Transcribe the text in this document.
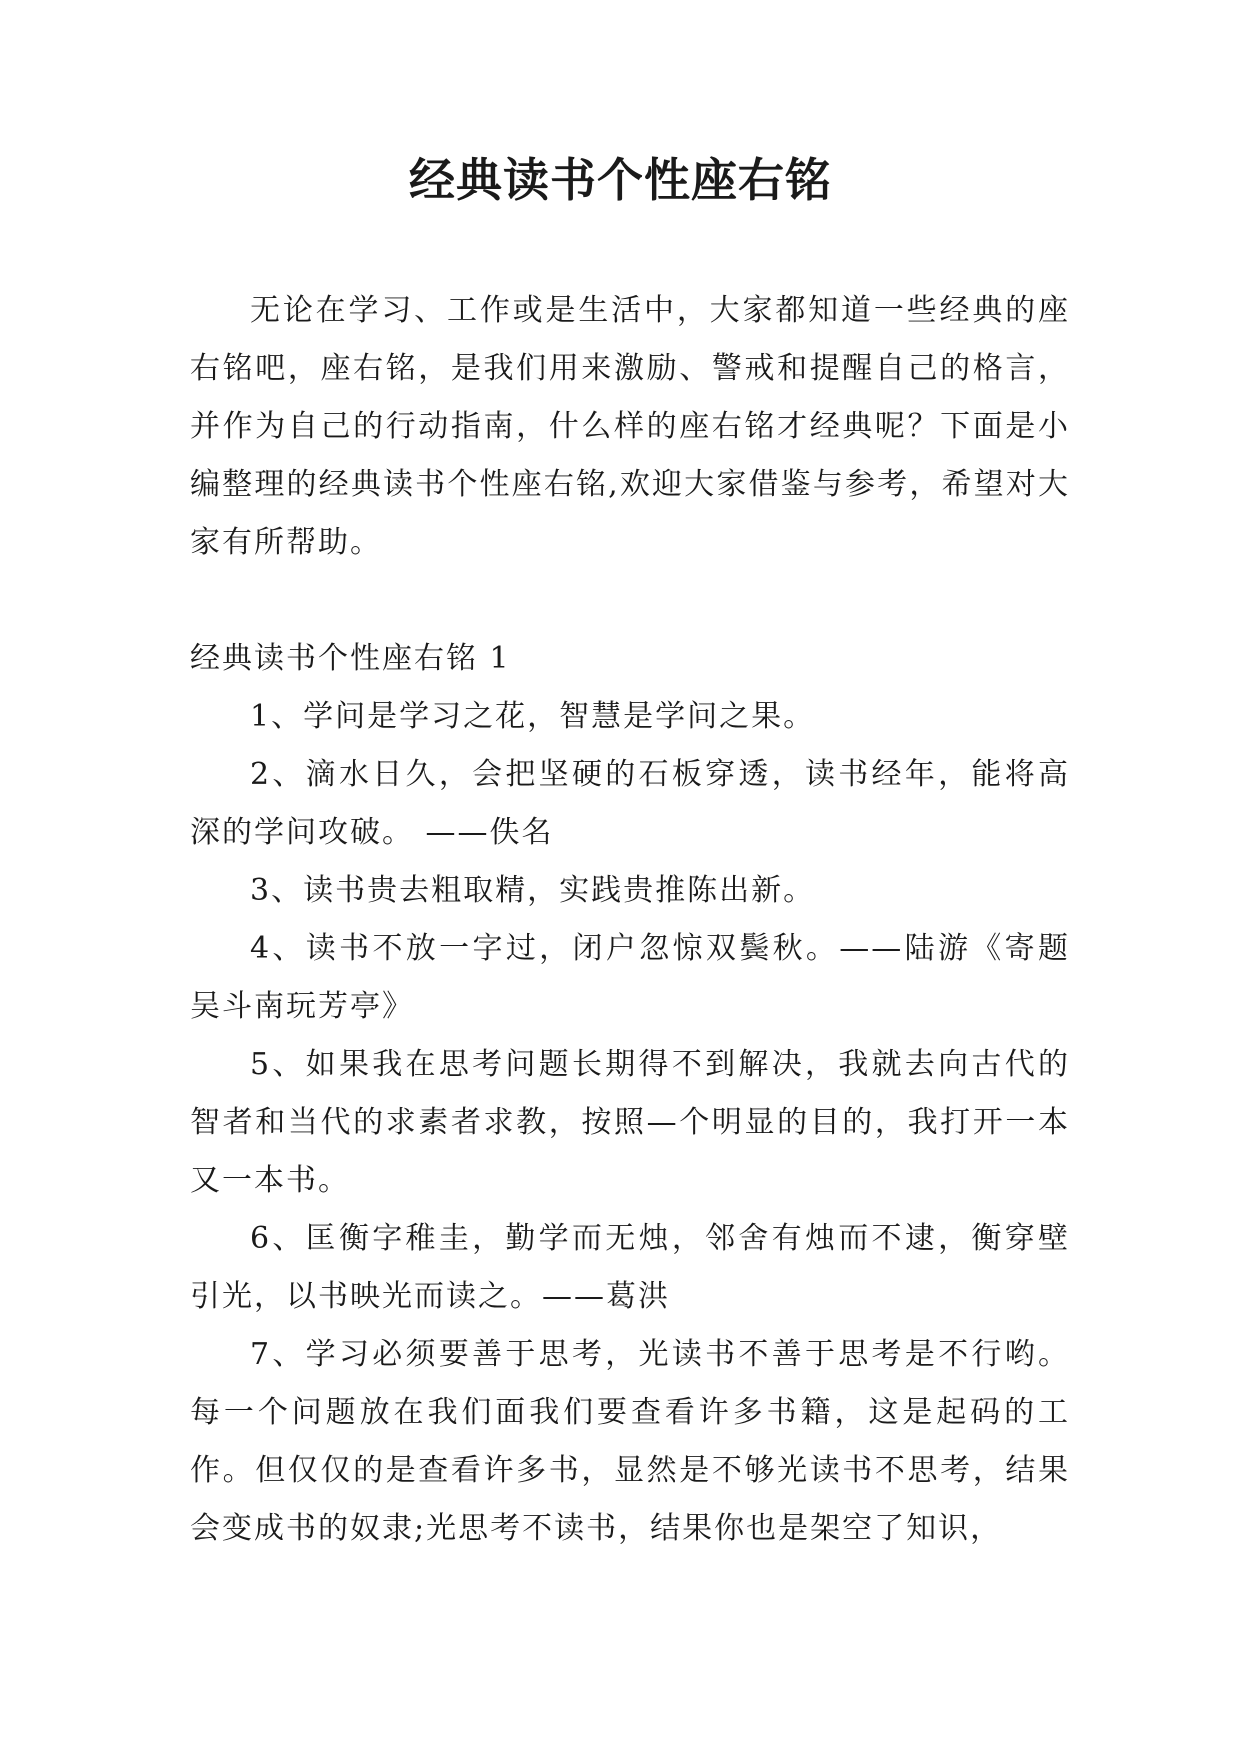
经典读书个性座右铭

无论在学习、工作或是生活中，大家都知道一些经典的座右铭吧，座右铭，是我们用来激励、警戒和提醒自己的格言，并作为自己的行动指南，什么样的座右铭才经典呢？下面是小编整理的经典读书个性座右铭,欢迎大家借鉴与参考，希望对大家有所帮助。

经典读书个性座右铭 1

1、学问是学习之花，智慧是学问之果。

2、滴水日久，会把坚硬的石板穿透，读书经年，能将高深的学问攻破。 ——佚名

3、读书贵去粗取精，实践贵推陈出新。

4、读书不放一字过，闭户忽惊双鬓秋。——陆游《寄题吴斗南玩芳亭》

5、如果我在思考问题长期得不到解决，我就去向古代的智者和当代的求素者求教，按照—个明显的目的，我打开一本又一本书。

6、匡衡字稚圭，勤学而无烛，邻舍有烛而不逮，衡穿壁引光，以书映光而读之。——葛洪

7、学习必须要善于思考，光读书不善于思考是不行哟。每一个问题放在我们面我们要查看许多书籍，这是起码的工作。但仅仅的是查看许多书，显然是不够光读书不思考，结果会变成书的奴隶;光思考不读书，结果你也是架空了知识，
